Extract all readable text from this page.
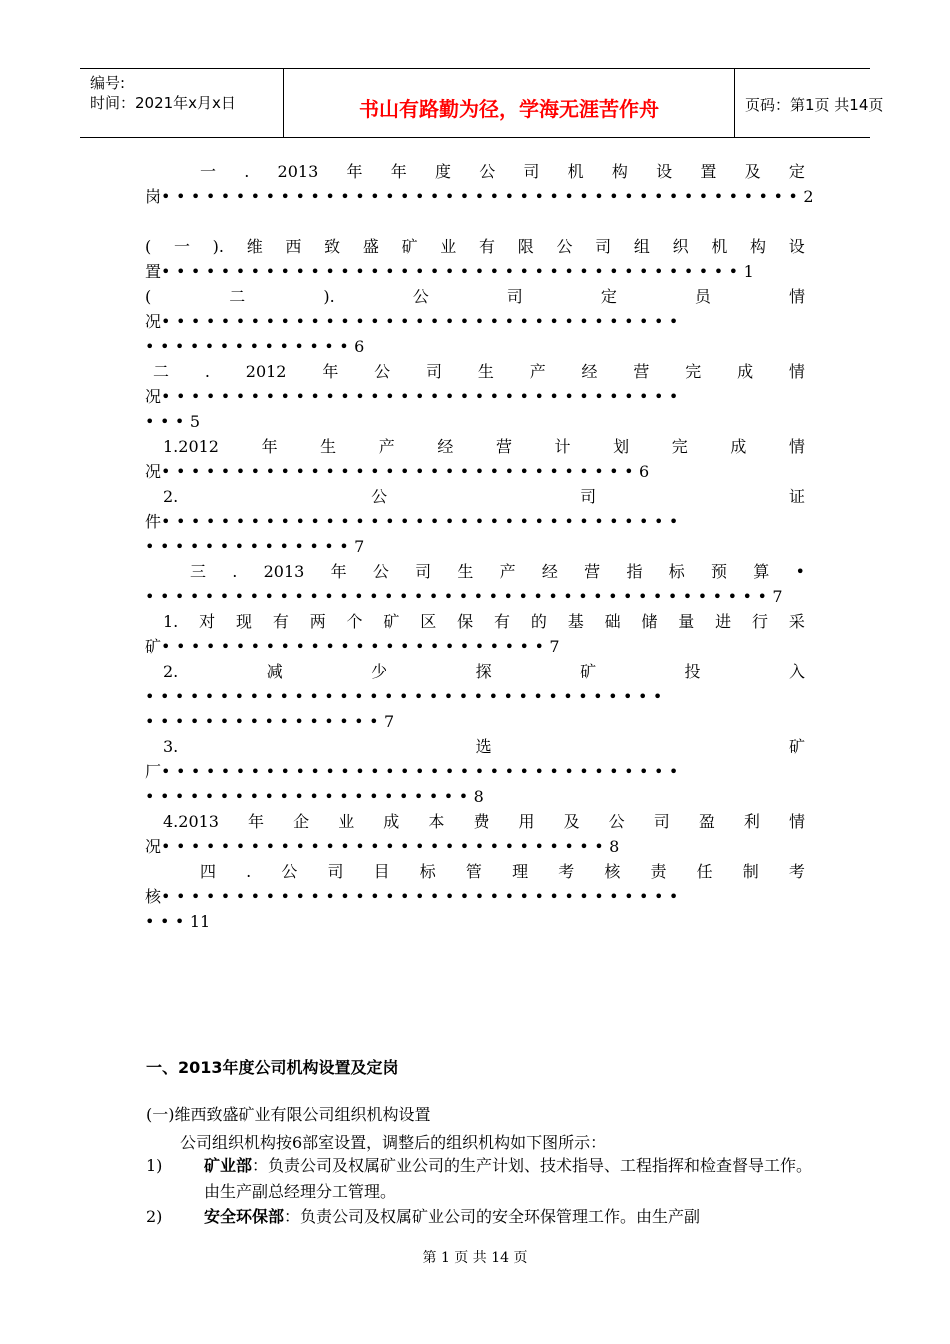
编号:
时间：2021年x月x日	书山有路勤为径，学海无涯苦作舟	页码：第1页 共14页
一 . 2013 年 年 度 公 司 机 构 设 置 及 定
岗•••••••••••••••••••••••••••••••••••••••••••2
( 一 ). 维 西 致 盛 矿 业 有 限 公 司 组 织 机 构 设
置•••••••••••••••••••••••••••••••••••••••1
(	二	).	公	司	定	员	情
况•••••••••••••••••••••••••••••••••••
••••••••••••••6
二 . 2012 年 公 司 生 产 经 营 完 成 情
况•••••••••••••••••••••••••••••••••••
•••5
1.2012	年	生	产	经	营	计	划	完	成	情
况••••••••••••••••••••••••••••••••6
2.	公	司	证
件•••••••••••••••••••••••••••••••••••
••••••••••••••7
三 . 2013 年 公 司 生 产 经 营 指 标 预 算 •
••••••••••••••••••••••••••••••••••••••••••7
1. 对 现 有 两 个 矿 区 保 有 的 基 础 储 量 进 行 采
矿••••••••••••••••••••••••••7
2.	减	少	探	矿	投	入
•••••••••••••••••••••••••••••••••••
••••••••••••••••7
3.	选	矿
厂•••••••••••••••••••••••••••••••••••
••••••••••••••••••••••8
4.2013 年 企 业 成 本 费 用 及 公 司 盈 利 情
况••••••••••••••••••••••••••••••8
四 . 公 司 目 标 管 理 考 核 责 任 制 考
核•••••••••••••••••••••••••••••••••••
•••11
一、2013年度公司机构设置及定岗
(一)维西致盛矿业有限公司组织机构设置
公司组织机构按6部室设置，调整后的组织机构如下图所示：
1)	矿业部：负责公司及权属矿业公司的生产计划、技术指导、工程指挥和检查督导工作。由生产副总经理分工管理。
2)	安全环保部：负责公司及权属矿业公司的安全环保管理工作。由生产副
第 1 页 共 14 页
